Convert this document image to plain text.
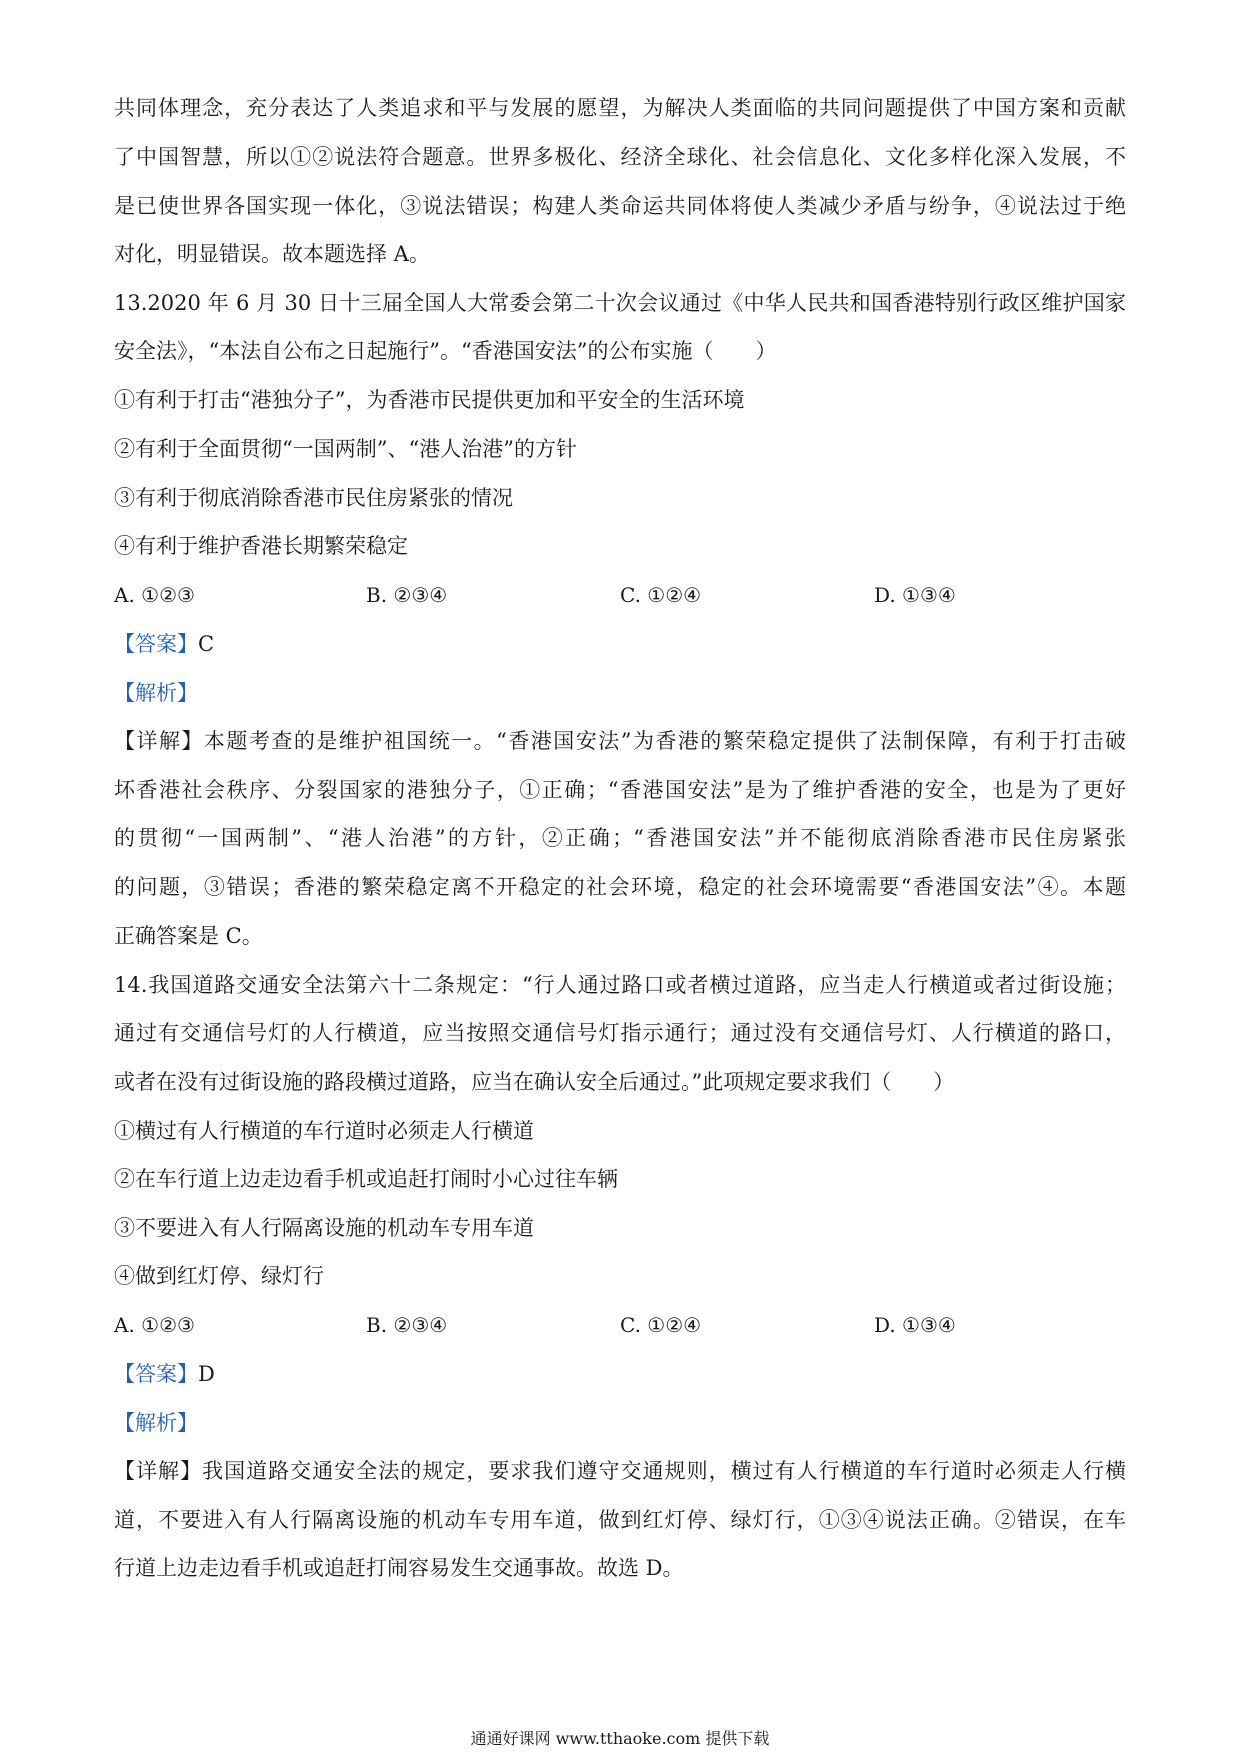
共同体理念，充分表达了人类追求和平与发展的愿望，为解决人类面临的共同问题提供了中国方案和贡献
了中国智慧，所以①②说法符合题意。世界多极化、经济全球化、社会信息化、文化多样化深入发展，不
是已使世界各国实现一体化，③说法错误；构建人类命运共同体将使人类减少矛盾与纷争，④说法过于绝
对化，明显错误。故本题选择 A。
13.2020 年 6 月 30 日十三届全国人大常委会第二十次会议通过《中华人民共和国香港特别行政区维护国家
安全法》，“本法自公布之日起施行”。“香港国安法”的公布实施（　　）
①有利于打击“港独分子”，为香港市民提供更加和平安全的生活环境
②有利于全面贯彻“一国两制”、“港人治港”的方针
③有利于彻底消除香港市民住房紧张的情况
④有利于维护香港长期繁荣稳定
A. ①②③	B. ②③④	C. ①②④	D. ①③④
【答案】C
【解析】
【详解】本题考查的是维护祖国统一。“香港国安法”为香港的繁荣稳定提供了法制保障，有利于打击破
坏香港社会秩序、分裂国家的港独分子，①正确；“香港国安法”是为了维护香港的安全，也是为了更好
的贯彻“一国两制”、“港人治港”的方针，②正确；“香港国安法”并不能彻底消除香港市民住房紧张
的问题，③错误；香港的繁荣稳定离不开稳定的社会环境，稳定的社会环境需要“香港国安法”④。本题
正确答案是 C。
14.我国道路交通安全法第六十二条规定：“行人通过路口或者横过道路，应当走人行横道或者过街设施；
通过有交通信号灯的人行横道，应当按照交通信号灯指示通行；通过没有交通信号灯、人行横道的路口，
或者在没有过街设施的路段横过道路，应当在确认安全后通过。”此项规定要求我们（　　）
①横过有人行横道的车行道时必须走人行横道
②在车行道上边走边看手机或追赶打闹时小心过往车辆
③不要进入有人行隔离设施的机动车专用车道
④做到红灯停、绿灯行
A. ①②③	B. ②③④	C. ①②④	D. ①③④
【答案】D
【解析】
【详解】我国道路交通安全法的规定，要求我们遵守交通规则，横过有人行横道的车行道时必须走人行横
道，不要进入有人行隔离设施的机动车专用车道，做到红灯停、绿灯行，①③④说法正确。②错误，在车
行道上边走边看手机或追赶打闹容易发生交通事故。故选 D。
通通好课网 www.tthaoke.com 提供下载
